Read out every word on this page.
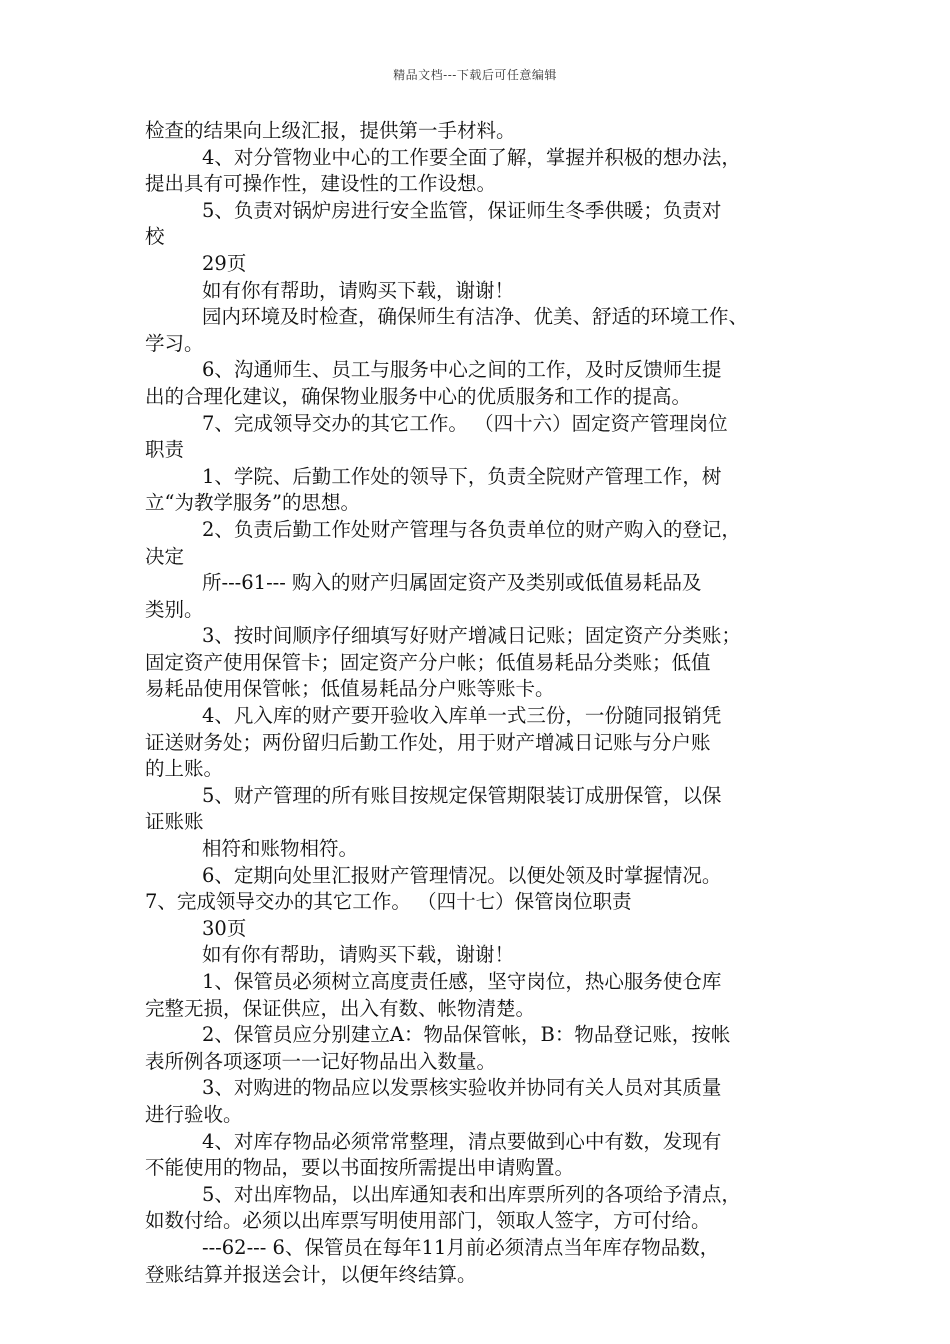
精品文档---下载后可任意编辑
检查的结果向上级汇报，提供第一手材料。
4、对分管物业中心的工作要全面了解，掌握并积极的想办法，
提出具有可操作性，建设性的工作设想。
5、负责对锅炉房进行安全监管，保证师生冬季供暖；负责对
校
29页
如有你有帮助，请购买下载，谢谢！
园内环境及时检查，确保师生有洁净、优美、舒适的环境工作、
学习。
6、沟通师生、员工与服务中心之间的工作，及时反馈师生提
出的合理化建议，确保物业服务中心的优质服务和工作的提高。
7、完成领导交办的其它工作。 （四十六）固定资产管理岗位
职责
1、学院、后勤工作处的领导下，负责全院财产管理工作，树
立“为教学服务”的思想。
2、负责后勤工作处财产管理与各负责单位的财产购入的登记，
决定
所---61--- 购入的财产归属固定资产及类别或低值易耗品及
类别。
3、按时间顺序仔细填写好财产增减日记账；固定资产分类账；
固定资产使用保管卡；固定资产分户帐；低值易耗品分类账；低值
易耗品使用保管帐；低值易耗品分户账等账卡。
4、凡入库的财产要开验收入库单一式三份，一份随同报销凭
证送财务处；两份留归后勤工作处，用于财产增减日记账与分户账
的上账。
5、财产管理的所有账目按规定保管期限装订成册保管，以保
证账账
相符和账物相符。
6、定期向处里汇报财产管理情况。以便处领及时掌握情况。
7、完成领导交办的其它工作。 （四十七）保管岗位职责
30页
如有你有帮助，请购买下载，谢谢！
1、保管员必须树立高度责任感，坚守岗位，热心服务使仓库
完整无损，保证供应，出入有数、帐物清楚。
2、保管员应分别建立A：物品保管帐，B：物品登记账，按帐
表所例各项逐项一一记好物品出入数量。
3、对购进的物品应以发票核实验收并协同有关人员对其质量
进行验收。
4、对库存物品必须常常整理，清点要做到心中有数，发现有
不能使用的物品，要以书面按所需提出申请购置。
5、对出库物品，以出库通知表和出库票所列的各项给予清点，
如数付给。必须以出库票写明使用部门，领取人签字，方可付给。
---62--- 6、保管员在每年11月前必须清点当年库存物品数，
登账结算并报送会计，以便年终结算。
